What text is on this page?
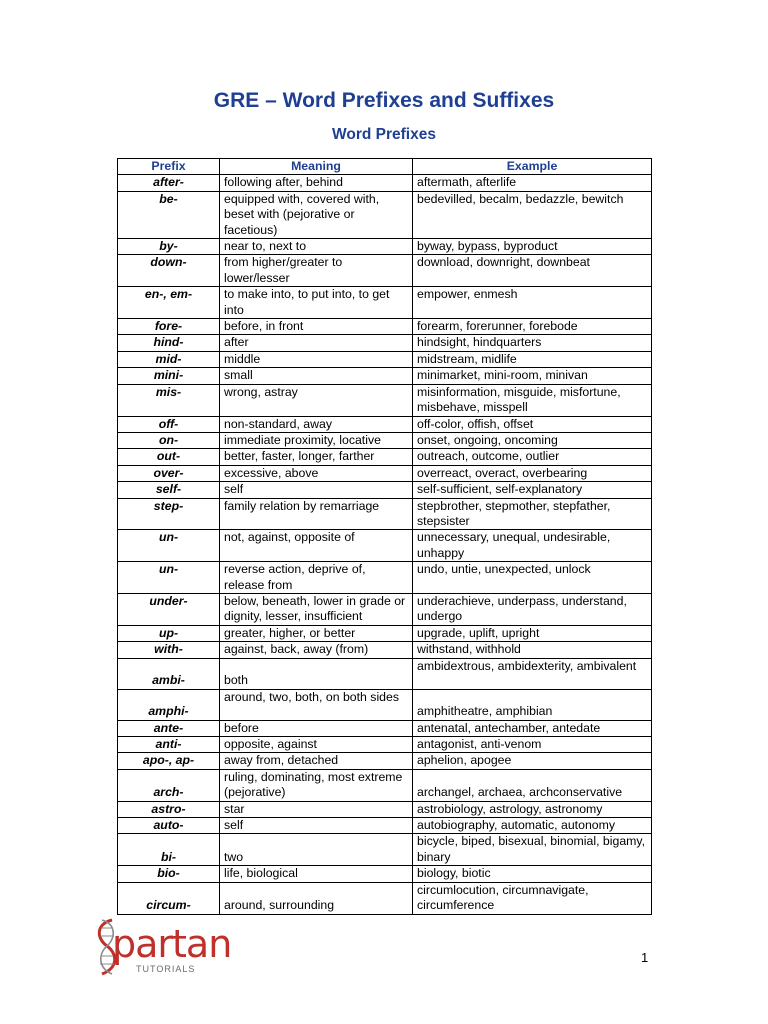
GRE – Word Prefixes and Suffixes
Word Prefixes
Prefix	Meaning	Example
after-	following after, behind	aftermath, afterlife
be-	equipped with, covered with, beset with (pejorative or facetious)	bedevilled, becalm, bedazzle, bewitch
by-	near to, next to	byway, bypass, byproduct
down-	from higher/greater to lower/lesser	download, downright, downbeat
en-, em-	to make into, to put into, to get into	empower, enmesh
fore-	before, in front	forearm, forerunner, forebode
hind-	after	hindsight, hindquarters
mid-	middle	midstream, midlife
mini-	small	minimarket, mini-room, minivan
mis-	wrong, astray	misinformation, misguide, misfortune, misbehave, misspell
off-	non-standard, away	off-color, offish, offset
on-	immediate proximity, locative	onset, ongoing, oncoming
out-	better, faster, longer, farther	outreach, outcome, outlier
over-	excessive, above	overreact, overact, overbearing
self-	self	self-sufficient, self-explanatory
step-	family relation by remarriage	stepbrother, stepmother, stepfather, stepsister
un-	not, against, opposite of	unnecessary, unequal, undesirable, unhappy
un-	reverse action, deprive of, release from	undo, untie, unexpected, unlock
under-	below, beneath, lower in grade or dignity, lesser, insufficient	underachieve, underpass, understand, undergo
up-	greater, higher, or better	upgrade, uplift, upright
with-	against, back, away (from)	withstand, withhold
ambi-	both	ambidextrous, ambidexterity, ambivalent
amphi-	around, two, both, on both sides	amphitheatre, amphibian
ante-	before	antenatal, antechamber, antedate
anti-	opposite, against	antagonist, anti-venom
apo-, ap-	away from, detached	aphelion, apogee
arch-	ruling, dominating, most extreme (pejorative)	archangel, archaea, archconservative
astro-	star	astrobiology, astrology, astronomy
auto-	self	autobiography, automatic, autonomy
bi-	two	bicycle, biped, bisexual, binomial, bigamy, binary
bio-	life, biological	biology, biotic
circum-	around, surrounding	circumlocution, circumnavigate, circumference
partan
TUTORIALS
1
